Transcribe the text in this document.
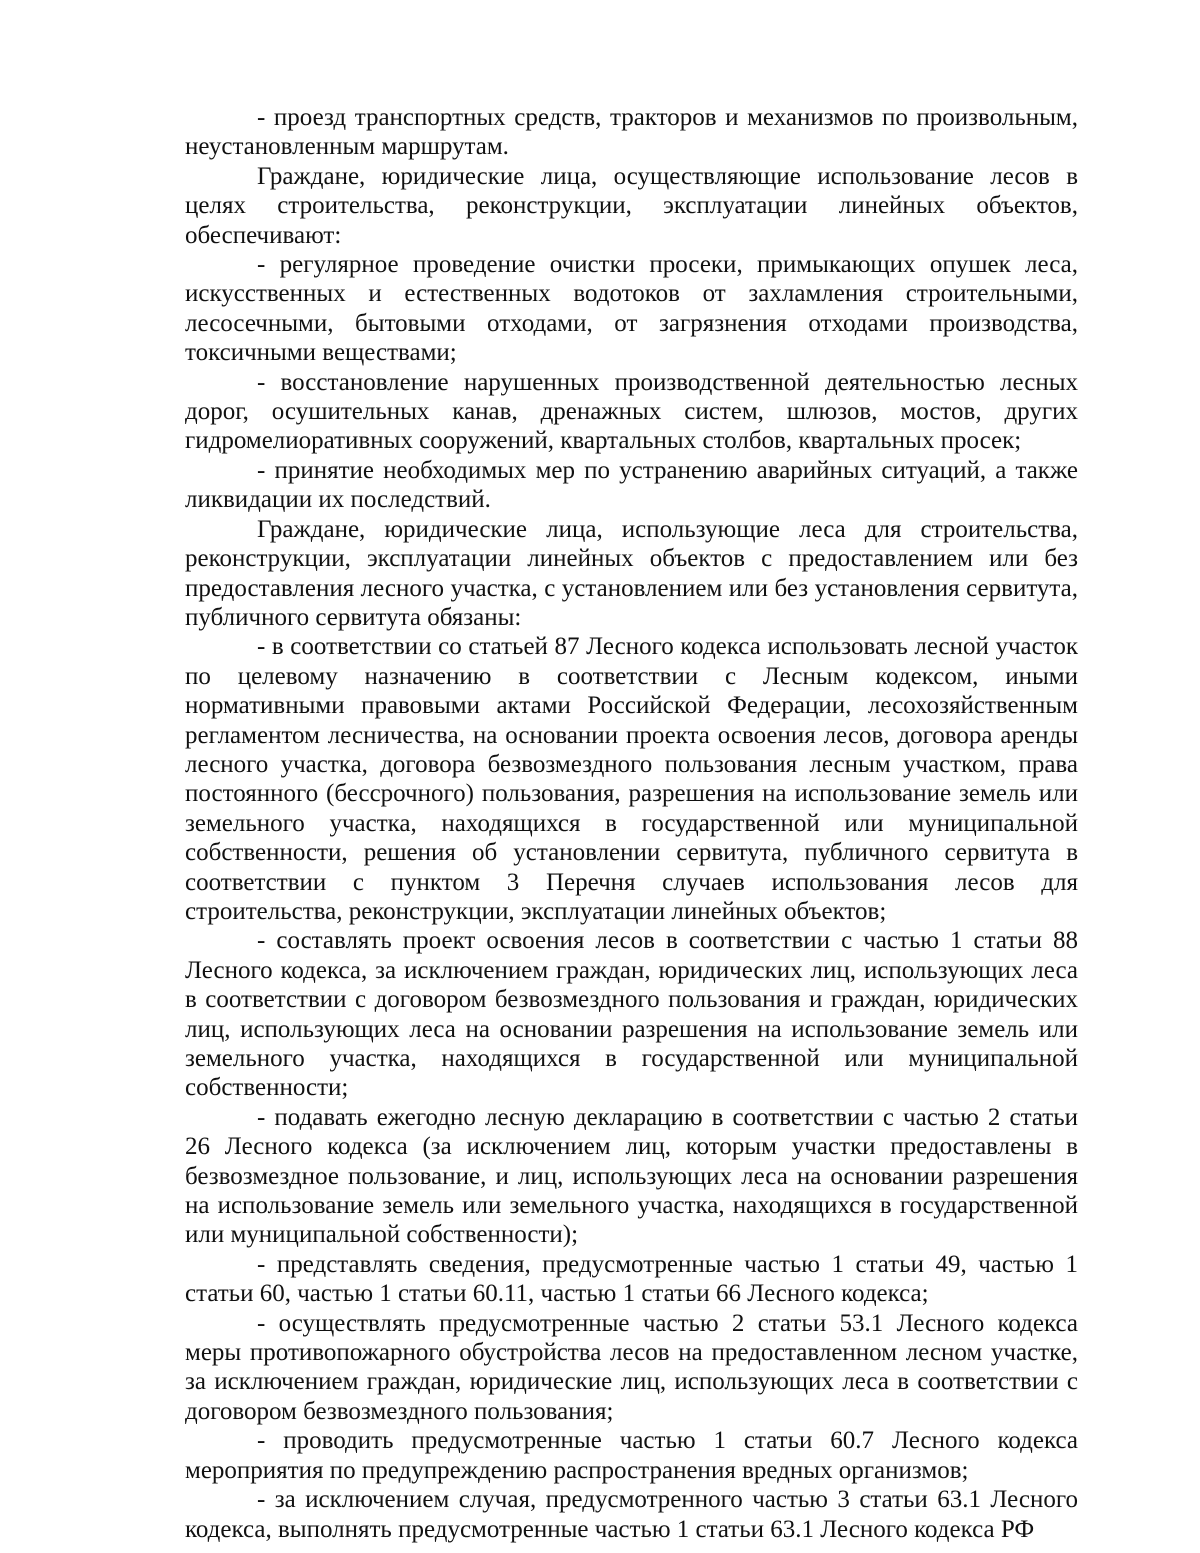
- проезд транспортных средств, тракторов и механизмов по произвольным, неустановленным маршрутам.

Граждане, юридические лица, осуществляющие использование лесов в целях строительства, реконструкции, эксплуатации линейных объектов, обеспечивают:

- регулярное проведение очистки просеки, примыкающих опушек леса, искусственных и естественных водотоков от захламления строительными, лесосечными, бытовыми отходами, от загрязнения отходами производства, токсичными веществами;

- восстановление нарушенных производственной деятельностью лесных дорог, осушительных канав, дренажных систем, шлюзов, мостов, других гидромелиоративных сооружений, квартальных столбов, квартальных просек;

- принятие необходимых мер по устранению аварийных ситуаций, а также ликвидации их последствий.

Граждане, юридические лица, использующие леса для строительства, реконструкции, эксплуатации линейных объектов с предоставлением или без предоставления лесного участка, с установлением или без установления сервитута, публичного сервитута обязаны:

- в соответствии со статьей 87 Лесного кодекса использовать лесной участок по целевому назначению в соответствии с Лесным кодексом, иными нормативными правовыми актами Российской Федерации, лесохозяйственным регламентом лесничества, на основании проекта освоения лесов, договора аренды лесного участка, договора безвозмездного пользования лесным участком, права постоянного (бессрочного) пользования, разрешения на использование земель или земельного участка, находящихся в государственной или муниципальной собственности, решения об установлении сервитута, публичного сервитута в соответствии с пунктом 3 Перечня случаев использования лесов для строительства, реконструкции, эксплуатации линейных объектов;

- составлять проект освоения лесов в соответствии с частью 1 статьи 88 Лесного кодекса, за исключением граждан, юридических лиц, использующих леса в соответствии с договором безвозмездного пользования и граждан, юридических лиц, использующих леса на основании разрешения на использование земель или земельного участка, находящихся в государственной или муниципальной собственности;

- подавать ежегодно лесную декларацию в соответствии с частью 2 статьи 26 Лесного кодекса (за исключением лиц, которым участки предоставлены в безвозмездное пользование, и лиц, использующих леса на основании разрешения на использование земель или земельного участка, находящихся в государственной или муниципальной собственности);

- представлять сведения, предусмотренные частью 1 статьи 49, частью 1 статьи 60, частью 1 статьи 60.11, частью 1 статьи 66 Лесного кодекса;

- осуществлять предусмотренные частью 2 статьи 53.1 Лесного кодекса меры противопожарного обустройства лесов на предоставленном лесном участке, за исключением граждан, юридические лиц, использующих леса в соответствии с договором безвозмездного пользования;

- проводить предусмотренные частью 1 статьи 60.7 Лесного кодекса мероприятия по предупреждению распространения вредных организмов;

- за исключением случая, предусмотренного частью 3 статьи 63.1 Лесного кодекса, выполнять предусмотренные частью 1 статьи 63.1 Лесного кодекса РФ
